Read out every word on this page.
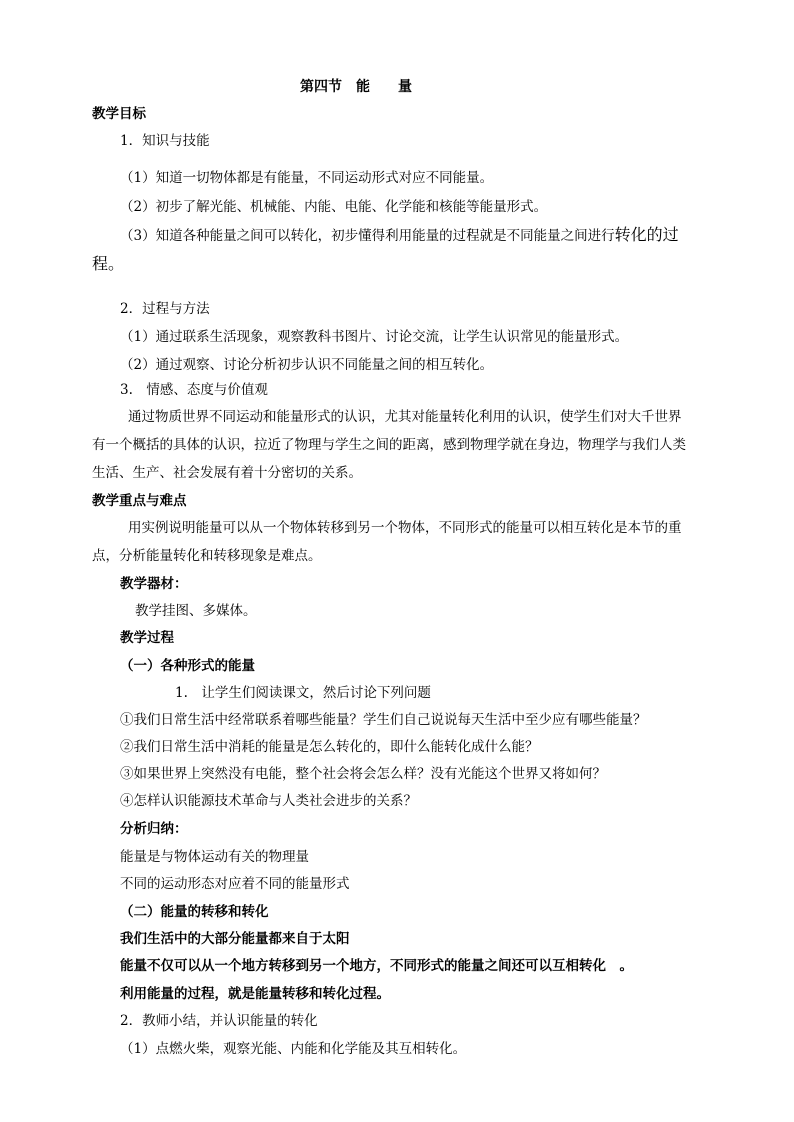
第四节　能　　量
教学目标
1．知识与技能
（1）知道一切物体都是有能量，不同运动形式对应不同能量。
（2）初步了解光能、机械能、内能、电能、化学能和核能等能量形式。
（3）知道各种能量之间可以转化，初步懂得利用能量的过程就是不同能量之间进行转化的过
程。
2．过程与方法
（1）通过联系生活现象，观察教科书图片、讨论交流，让学生认识常见的能量形式。
（2）通过观察、讨论分析初步认识不同能量之间的相互转化。
3.　情感、态度与价值观
通过物质世界不同运动和能量形式的认识，尤其对能量转化利用的认识，使学生们对大千世界
有一个概括的具体的认识，拉近了物理与学生之间的距离，感到物理学就在身边，物理学与我们人类
生活、生产、社会发展有着十分密切的关系。
教学重点与难点
用实例说明能量可以从一个物体转移到另一个物体，不同形式的能量可以相互转化是本节的重
点，分析能量转化和转移现象是难点。
教学器材：
教学挂图、多媒体。
教学过程
（一）各种形式的能量
1.　让学生们阅读课文，然后讨论下列问题
①我们日常生活中经常联系着哪些能量？学生们自己说说每天生活中至少应有哪些能量？
②我们日常生活中消耗的能量是怎么转化的，即什么能转化成什么能？
③如果世界上突然没有电能，整个社会将会怎么样？没有光能这个世界又将如何？
④怎样认识能源技术革命与人类社会进步的关系？
分析归纳：
能量是与物体运动有关的物理量
不同的运动形态对应着不同的能量形式
（二）能量的转移和转化
我们生活中的大部分能量都来自于太阳
能量不仅可以从一个地方转移到另一个地方，不同形式的能量之间还可以互相转化　。
利用能量的过程，就是能量转移和转化过程。
2．教师小结，并认识能量的转化
（1）点燃火柴，观察光能、内能和化学能及其互相转化。
